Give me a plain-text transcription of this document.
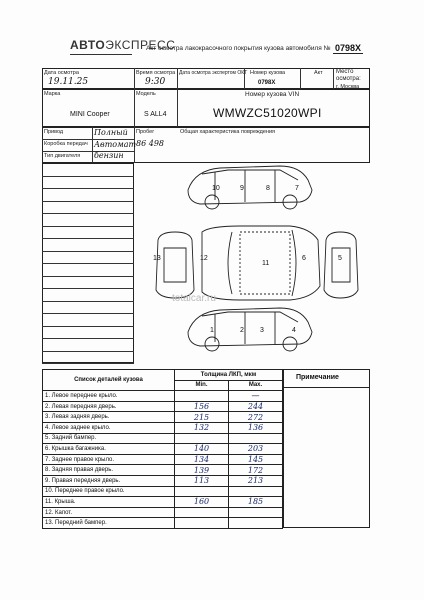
АВТОЭКСПРЕСС
Акт осмотра лакокрасочного покрытия кузова автомобиля № 0798Х
Дата осмотра
19.11.25
Время осмотра
9:30
Дата осмотра экспертом ОКТ Номер кузова
0798Х
Акт Место осмотра:
г. Москва
Марка
MINI Cooper
Модель
S ALL4
Номер кузова VIN
WMWZC51020WPI
Привод	Полный
Коробка передач Автомат
Тип двигателя бензин
Пробег
86 498
Общая характеристика повреждения
10	9	8	7
13	12
11
6	5
4
3
2
1
totalcar.ru
Список деталей кузова	Толщина ЛКП, мкм	
	Min.	Max.
1. Левое переднее крыло.		—
2. Левая передняя дверь.	156	244
3. Левая задняя дверь.	215	272
4. Левое заднее крыло.	132	136
5. Задний бампер.		
6. Крышка багажника.	140	203
7. Заднее правое крыло.	134	145
8. Задняя правая дверь.	139	172
9. Правая передняя дверь.	113	213
10. Переднее правое крыло.		
11. Крыша.	160	185
12. Капот.		
13. Передний бампер.		
Примечание
